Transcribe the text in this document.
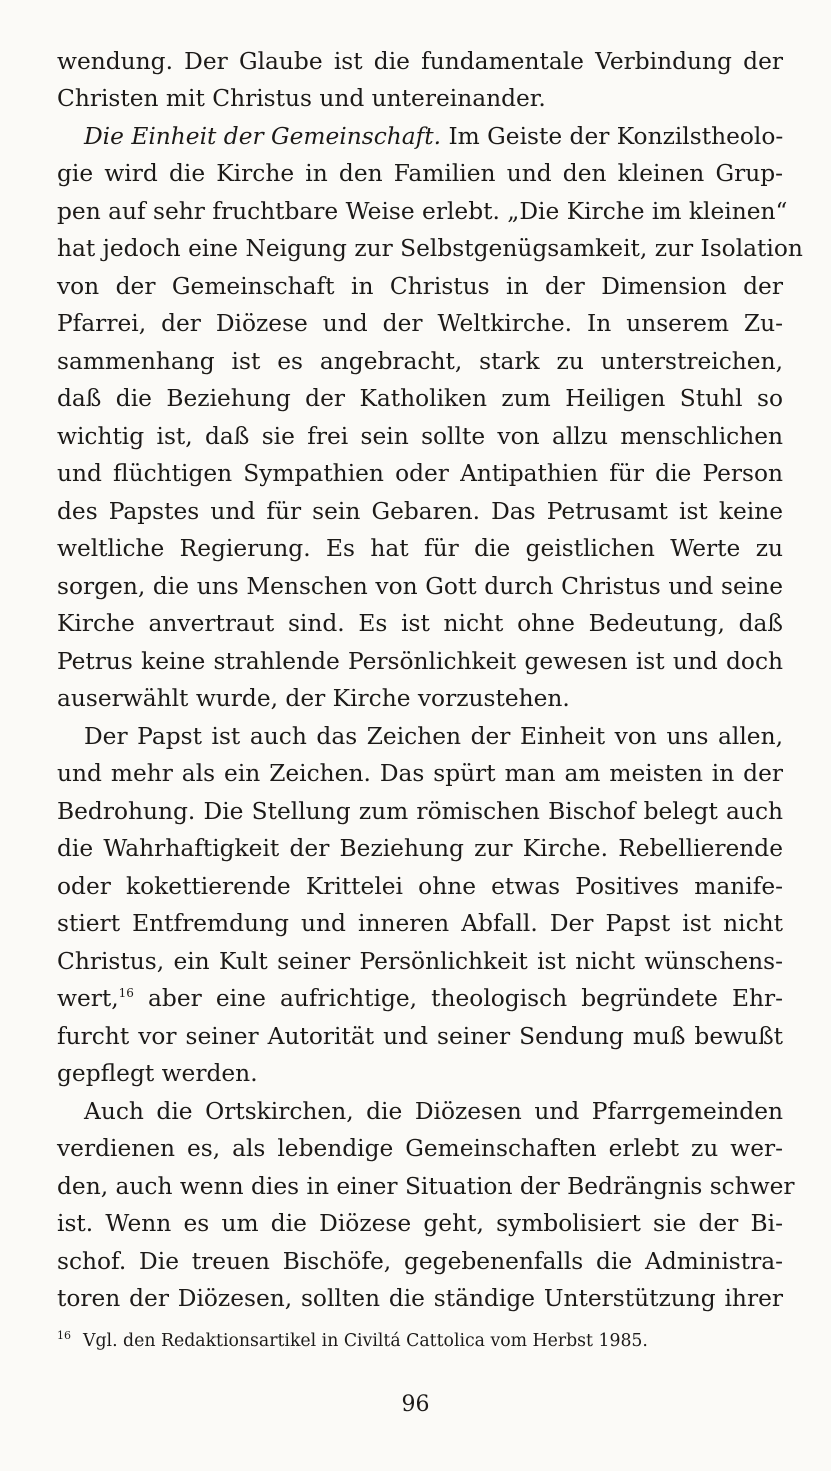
wendung. Der Glaube ist die fundamentale Verbindung der
Christen mit Christus und untereinander.
Die Einheit der Gemeinschaft. Im Geiste der Konzilstheolo-
gie wird die Kirche in den Familien und den kleinen Grup-
pen auf sehr fruchtbare Weise erlebt. „Die Kirche im kleinen“
hat jedoch eine Neigung zur Selbstgenügsamkeit, zur Isolation
von der Gemeinschaft in Christus in der Dimension der
Pfarrei, der Diözese und der Weltkirche. In unserem Zu-
sammenhang ist es angebracht, stark zu unterstreichen,
daß die Beziehung der Katholiken zum Heiligen Stuhl so
wichtig ist, daß sie frei sein sollte von allzu menschlichen
und flüchtigen Sympathien oder Antipathien für die Person
des Papstes und für sein Gebaren. Das Petrusamt ist keine
weltliche Regierung. Es hat für die geistlichen Werte zu
sorgen, die uns Menschen von Gott durch Christus und seine
Kirche anvertraut sind. Es ist nicht ohne Bedeutung, daß
Petrus keine strahlende Persönlichkeit gewesen ist und doch
auserwählt wurde, der Kirche vorzustehen.
Der Papst ist auch das Zeichen der Einheit von uns allen,
und mehr als ein Zeichen. Das spürt man am meisten in der
Bedrohung. Die Stellung zum römischen Bischof belegt auch
die Wahrhaftigkeit der Beziehung zur Kirche. Rebellierende
oder kokettierende Krittelei ohne etwas Positives manife-
stiert Entfremdung und inneren Abfall. Der Papst ist nicht
Christus, ein Kult seiner Persönlichkeit ist nicht wünschens-
wert,$^{16}$ aber eine aufrichtige, theologisch begründete Ehr-
furcht vor seiner Autorität und seiner Sendung muß bewußt
gepflegt werden.
Auch die Ortskirchen, die Diözesen und Pfarrgemeinden
verdienen es, als lebendige Gemeinschaften erlebt zu wer-
den, auch wenn dies in einer Situation der Bedrängnis schwer
ist. Wenn es um die Diözese geht, symbolisiert sie der Bi-
schof. Die treuen Bischöfe, gegebenenfalls die Administra-
toren der Diözesen, sollten die ständige Unterstützung ihrer
$^{16}$ Vgl. den Redaktionsartikel in Civiltá Cattolica vom Herbst 1985.
96
